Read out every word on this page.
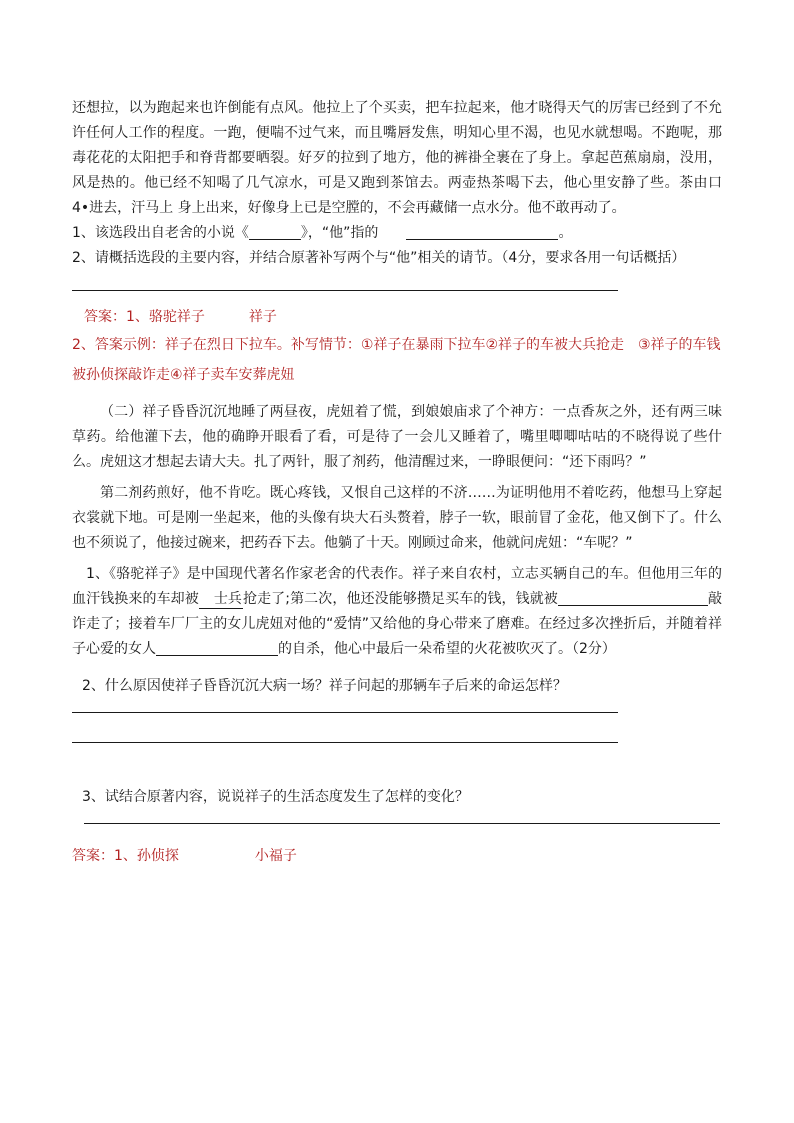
还想拉，以为跑起来也许倒能有点风。他拉上了个买卖，把车拉起来，他才晓得天气的厉害已经到了不允许任何人工作的程度。一跑，便喘不过气来，而且嘴唇发焦，明知心里不渴，也见水就想喝。不跑呢，那毒花花的太阳把手和脊背都要晒裂。好歹的拉到了地方，他的裤褂全裹在了身上。拿起芭蕉扇扇，没用，风是热的。他已经不知喝了几气凉水，可是又跑到茶馆去。两壶热茶喝下去，他心里安静了些。茶由口 4•进去，汗马上 身上出来，好像身上已是空膛的，不会再藏储一点水分。他不敢再动了。

1、该选段出自老舍的小说《	》，“他”指的　　	。

2、请概括选段的主要内容，并结合原著补写两个与“他”相关的请节。（4分，要求各用一句话概括）

答案：1、骆驼祥子	祥子

2、答案示例：祥子在烈日下拉车。补写情节：①祥子在暴雨下拉车②祥子的车被大兵抢走　③祥子的车钱被孙侦探敲诈走④祥子卖车安葬虎妞

（二）祥子昏昏沉沉地睡了两昼夜，虎妞着了慌，到娘娘庙求了个神方：一点香灰之外，还有两三味草药。给他灌下去，他的确睁开眼看了看，可是待了一会儿又睡着了，嘴里唧唧咕咕的不晓得说了些什么。虎妞这才想起去请大夫。扎了两针，服了剂药，他清醒过来，一睁眼便问：“还下雨吗？”

第二剂药煎好，他不肯吃。既心疼钱，又恨自己这样的不济……为证明他用不着吃药，他想马上穿起衣裳就下地。可是刚一坐起来，他的头像有块大石头赘着，脖子一软，眼前冒了金花，他又倒下了。什么也不须说了，他接过碗来，把药吞下去。他躺了十天。刚顾过命来，他就问虎妞：“车呢？”

1、《骆驼祥子》是中国现代著名作家老舍的代表作。祥子来自农村，立志买辆自己的车。但他用三年的血汗钱换来的车却被 士兵抢走了;第二次，他还没能够攒足买车的钱，钱就被	敲诈走了；接着车厂厂主的女儿虎妞对他的“爱情”又给他的身心带来了磨难。在经过多次挫折后，并随着祥子心爱的女人	的自杀，他心中最后一朵希望的火花被吹灭了。（2分）

2、什么原因使祥子昏昏沉沉大病一场？祥子问起的那辆车子后来的命运怎样？

3、试结合原著内容，说说祥子的生活态度发生了怎样的变化？

答案：1、孙侦探	小福子
